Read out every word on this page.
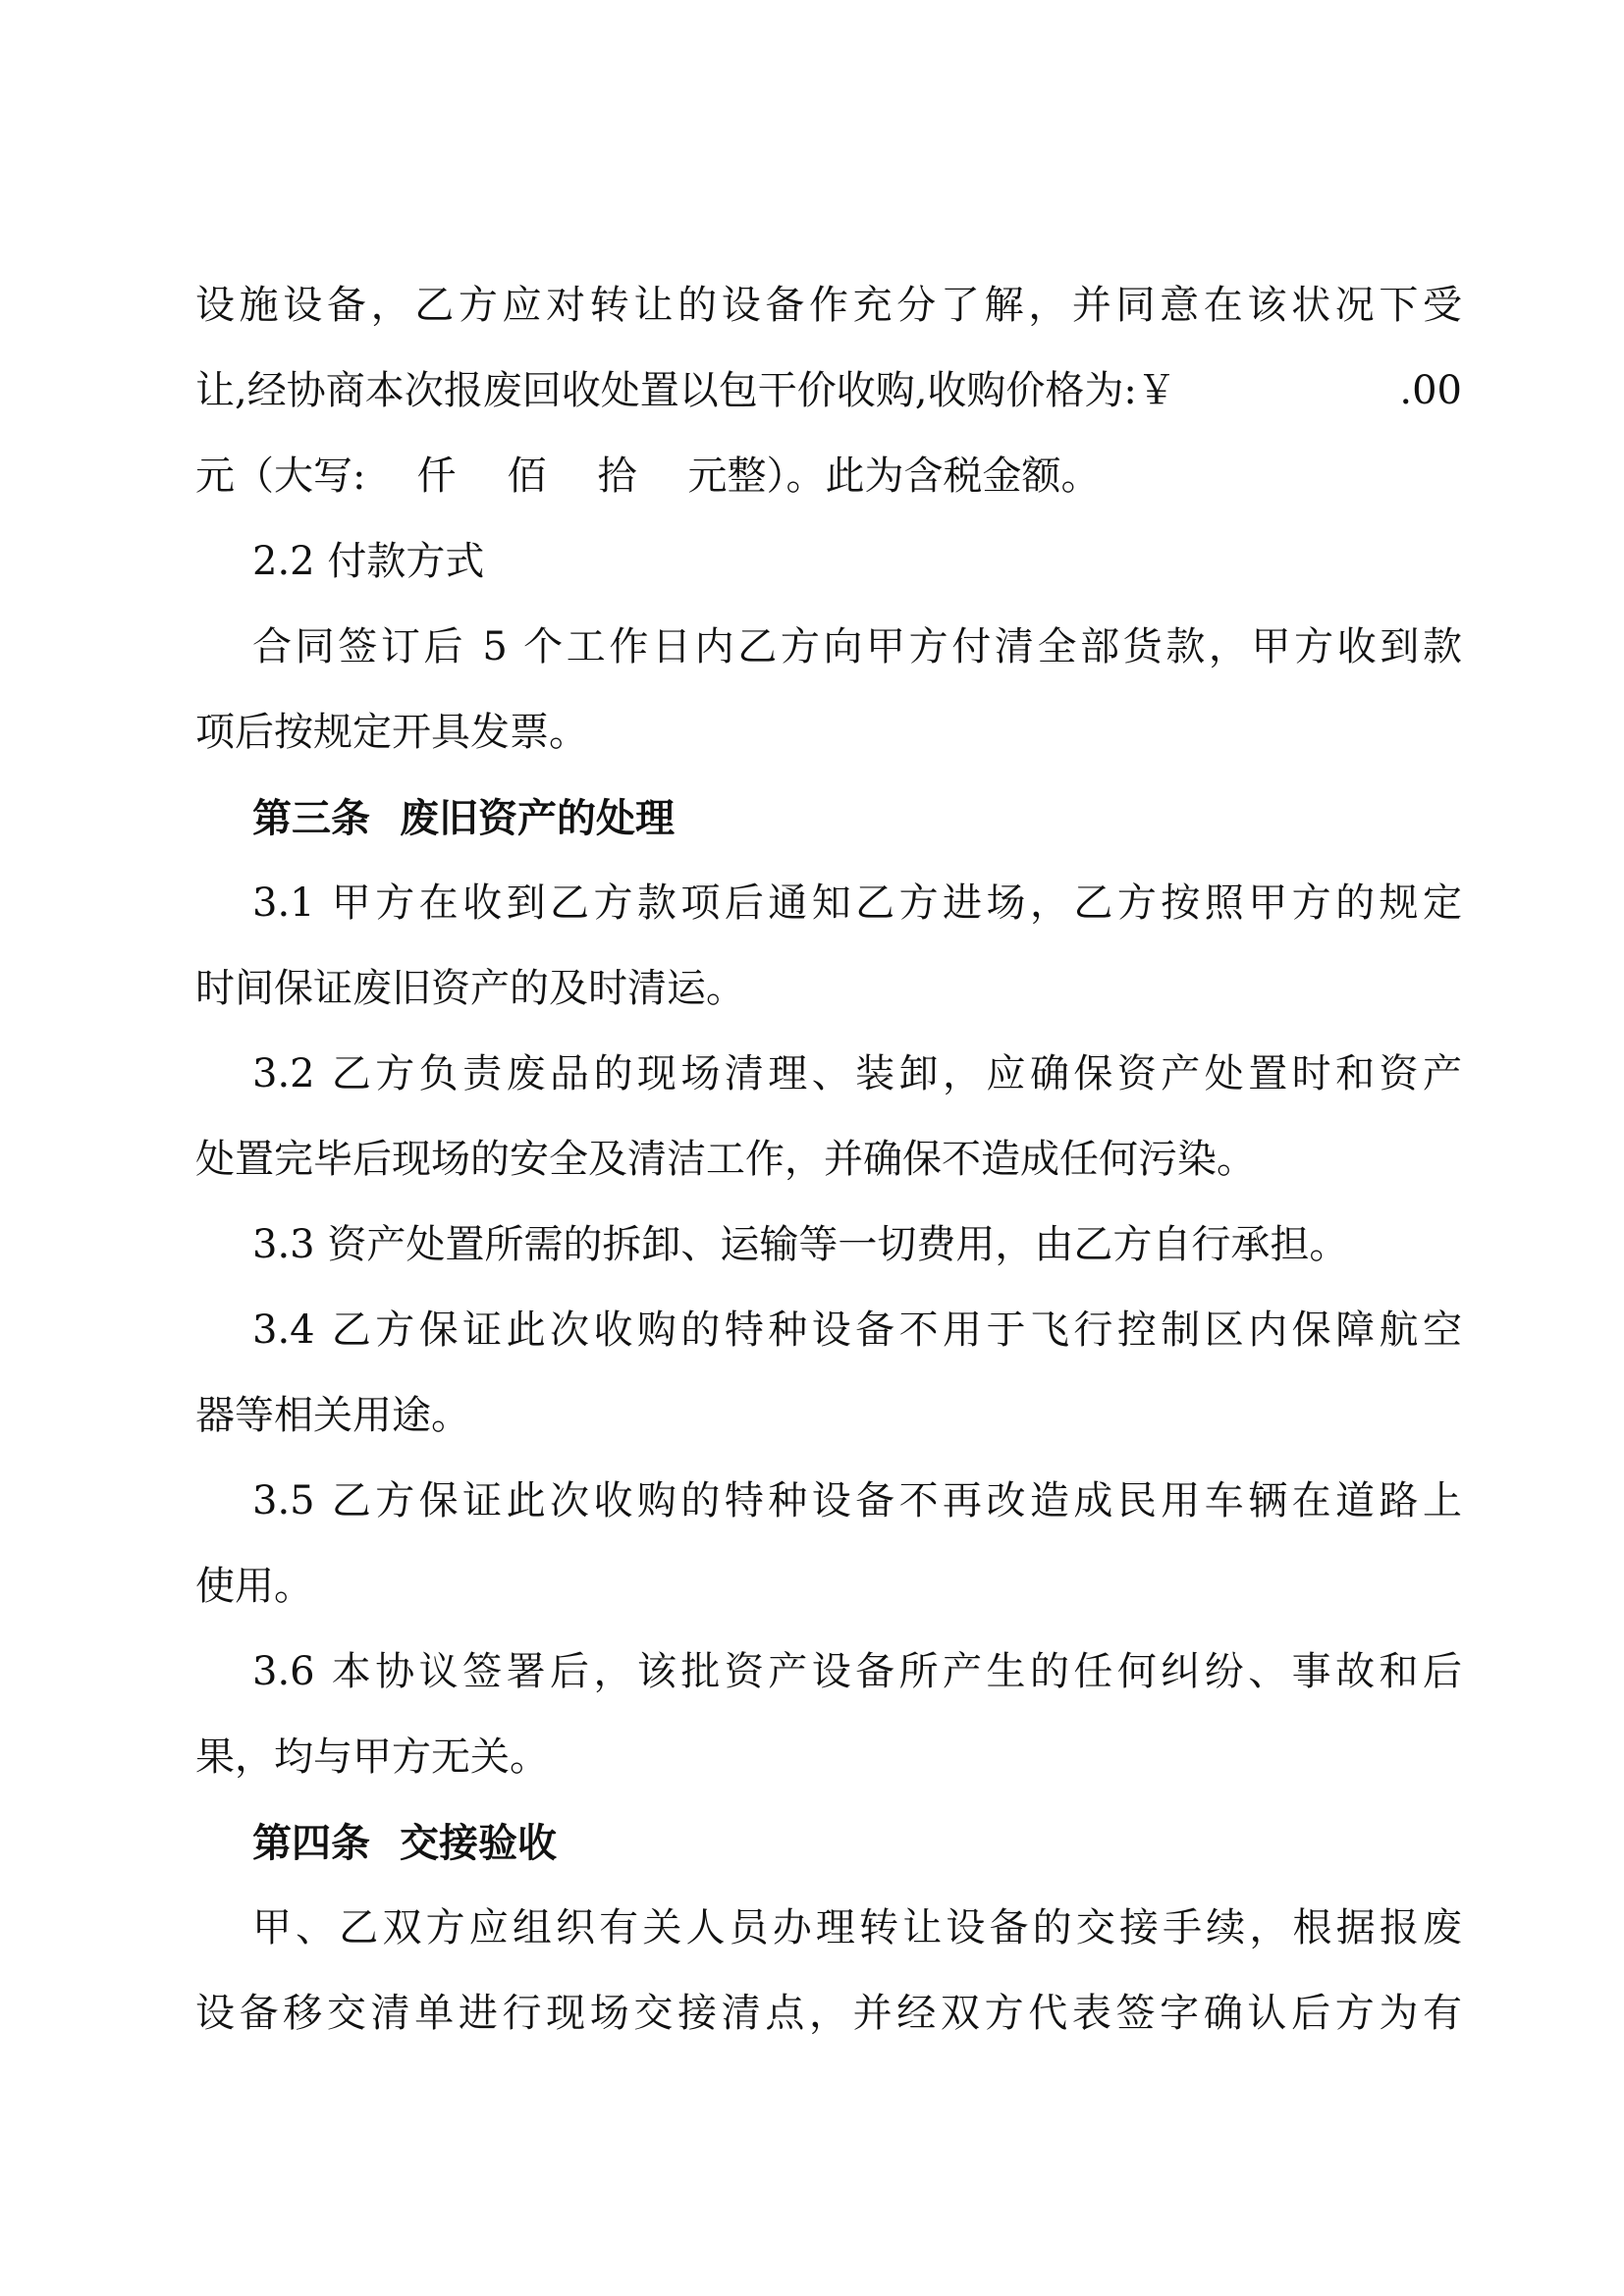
设施设备，乙方应对转让的设备作充分了解，并同意在该状况下受
让,经协商本次报废回收处置以包干价收购,收购价格为:￥	.00
元（大写: 仟 佰 拾 元整）。此为含税金额。
2.2 付款方式
合同签订后 5 个工作日内乙方向甲方付清全部货款，甲方收到款
项后按规定开具发票。
第三条 废旧资产的处理
3.1 甲方在收到乙方款项后通知乙方进场，乙方按照甲方的规定
时间保证废旧资产的及时清运。
3.2 乙方负责废品的现场清理、装卸，应确保资产处置时和资产
处置完毕后现场的安全及清洁工作，并确保不造成任何污染。
3.3 资产处置所需的拆卸、运输等一切费用，由乙方自行承担。
3.4 乙方保证此次收购的特种设备不用于飞行控制区内保障航空
器等相关用途。
3.5 乙方保证此次收购的特种设备不再改造成民用车辆在道路上
使用。
3.6 本协议签署后，该批资产设备所产生的任何纠纷、事故和后
果，均与甲方无关。
第四条 交接验收
甲、乙双方应组织有关人员办理转让设备的交接手续，根据报废
设备移交清单进行现场交接清点，并经双方代表签字确认后方为有
